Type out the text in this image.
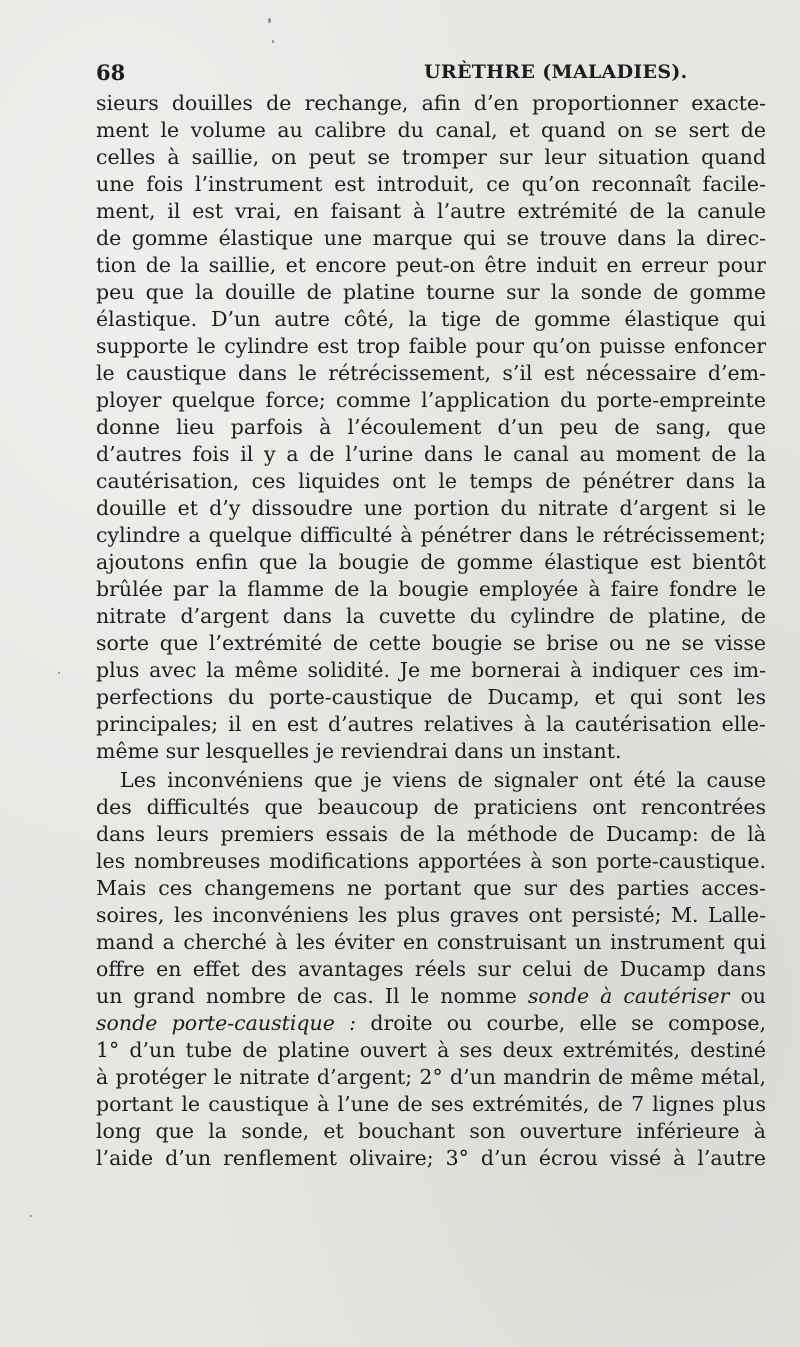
68	URÈTHRE (MALADIES).
sieurs douilles de rechange, afin d’en proportionner exacte-
ment le volume au calibre du canal, et quand on se sert de
celles à saillie, on peut se tromper sur leur situation quand
une fois l’instrument est introduit, ce qu’on reconnaît facile-
ment, il est vrai, en faisant à l’autre extrémité de la canule
de gomme élastique une marque qui se trouve dans la direc-
tion de la saillie, et encore peut-on être induit en erreur pour
peu que la douille de platine tourne sur la sonde de gomme
élastique. D’un autre côté, la tige de gomme élastique qui
supporte le cylindre est trop faible pour qu’on puisse enfoncer
le caustique dans le rétrécissement, s’il est nécessaire d’em-
ployer quelque force; comme l’application du porte-empreinte
donne lieu parfois à l’écoulement d’un peu de sang, que
d’autres fois il y a de l’urine dans le canal au moment de la
cautérisation, ces liquides ont le temps de pénétrer dans la
douille et d’y dissoudre une portion du nitrate d’argent si le
cylindre a quelque difficulté à pénétrer dans le rétrécissement;
ajoutons enfin que la bougie de gomme élastique est bientôt
brûlée par la flamme de la bougie employée à faire fondre le
nitrate d’argent dans la cuvette du cylindre de platine, de
sorte que l’extrémité de cette bougie se brise ou ne se visse
plus avec la même solidité. Je me bornerai à indiquer ces im-
perfections du porte-caustique de Ducamp, et qui sont les
principales; il en est d’autres relatives à la cautérisation elle-
même sur lesquelles je reviendrai dans un instant.
Les inconvéniens que je viens de signaler ont été la cause
des difficultés que beaucoup de praticiens ont rencontrées
dans leurs premiers essais de la méthode de Ducamp: de là
les nombreuses modifications apportées à son porte-caustique.
Mais ces changemens ne portant que sur des parties acces-
soires, les inconvéniens les plus graves ont persisté; M. Lalle-
mand a cherché à les éviter en construisant un instrument qui
offre en effet des avantages réels sur celui de Ducamp dans
un grand nombre de cas. Il le nomme sonde à cautériser ou
sonde porte-caustique : droite ou courbe, elle se compose,
1° d’un tube de platine ouvert à ses deux extrémités, destiné
à protéger le nitrate d’argent; 2° d’un mandrin de même métal,
portant le caustique à l’une de ses extrémités, de 7 lignes plus
long que la sonde, et bouchant son ouverture inférieure à
l’aide d’un renflement olivaire; 3° d’un écrou vissé à l’autre
